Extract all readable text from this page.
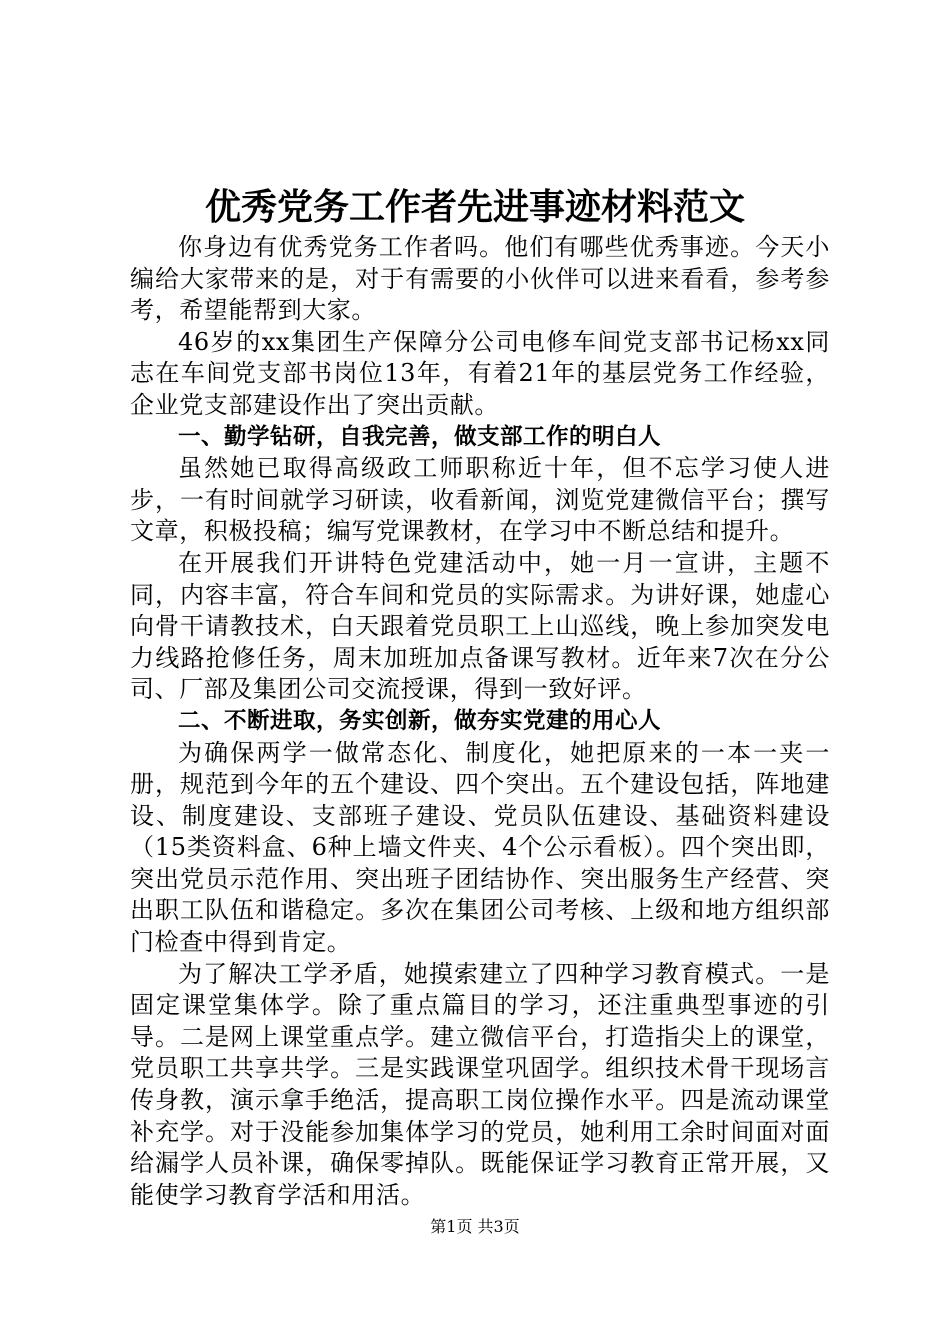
优秀党务工作者先进事迹材料范文

你身边有优秀党务工作者吗。他们有哪些优秀事迹。今天小编给大家带来的是，对于有需要的小伙伴可以进来看看，参考参考，希望能帮到大家。

46岁的xx集团生产保障分公司电修车间党支部书记杨xx同志在车间党支部书岗位13年，有着21年的基层党务工作经验，企业党支部建设作出了突出贡献。

一、勤学钻研，自我完善，做支部工作的明白人

虽然她已取得高级政工师职称近十年，但不忘学习使人进步，一有时间就学习研读，收看新闻，浏览党建微信平台；撰写文章，积极投稿；编写党课教材，在学习中不断总结和提升。

在开展我们开讲特色党建活动中，她一月一宣讲，主题不同，内容丰富，符合车间和党员的实际需求。为讲好课，她虚心向骨干请教技术，白天跟着党员职工上山巡线，晚上参加突发电力线路抢修任务，周末加班加点备课写教材。近年来7次在分公司、厂部及集团公司交流授课，得到一致好评。

二、不断进取，务实创新，做夯实党建的用心人

为确保两学一做常态化、制度化，她把原来的一本一夹一册，规范到今年的五个建设、四个突出。五个建设包括，阵地建设、制度建设、支部班子建设、党员队伍建设、基础资料建设（15类资料盒、6种上墙文件夹、4个公示看板）。四个突出即，突出党员示范作用、突出班子团结协作、突出服务生产经营、突出职工队伍和谐稳定。多次在集团公司考核、上级和地方组织部门检查中得到肯定。

为了解决工学矛盾，她摸索建立了四种学习教育模式。一是固定课堂集体学。除了重点篇目的学习，还注重典型事迹的引导。二是网上课堂重点学。建立微信平台，打造指尖上的课堂，党员职工共享共学。三是实践课堂巩固学。组织技术骨干现场言传身教，演示拿手绝活，提高职工岗位操作水平。四是流动课堂补充学。对于没能参加集体学习的党员，她利用工余时间面对面给漏学人员补课，确保零掉队。既能保证学习教育正常开展，又能使学习教育学活和用活。

第1页 共3页
